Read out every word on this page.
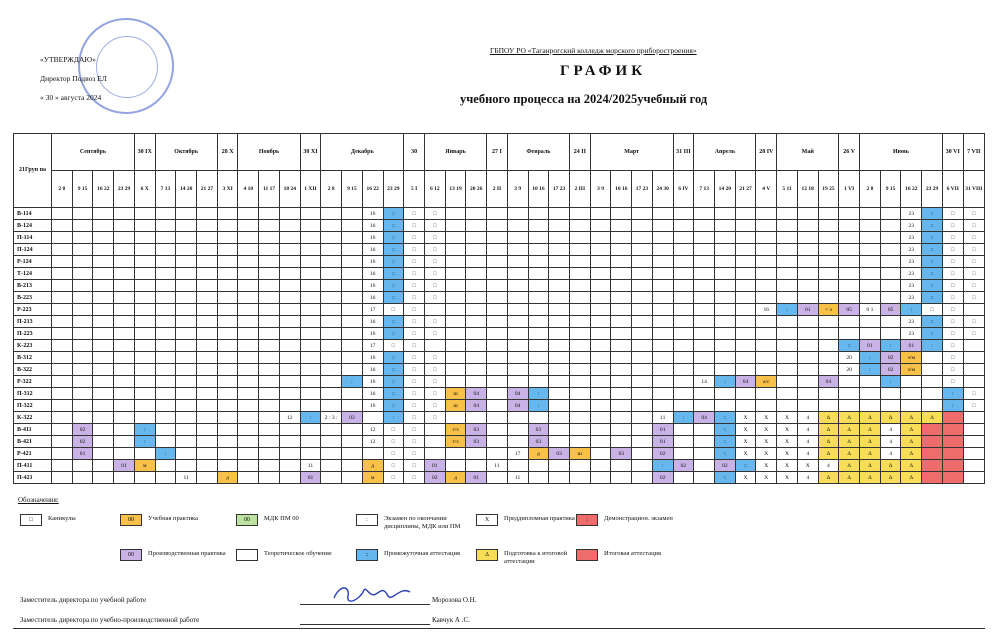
«УТВЕРЖДАЮ»
Директор Подвоз ЕЛ
« 30 » августа 2024
ГБПОУ РО «Таганрогский колледж морского приборостроения»
ГРАФИК
учебного процесса на 2024/2025учебный год
21Груп па	Сентябрь				30 IX	Октябрь			28 X	Ноябрь			30 XI	Декабрь				30	Январь			27 I	Февраль			24 II	Март				31 III	Апрель			28 IV	Май			26 V	Июнь				30 VI	7 VII
	2 8	9 15	16 22	23 29	6 X	7 13	14 20	21 27	3 XI	4 10	11 17	18 24	1 XII	2 8	9 15	16 22	23 29	5 I	6 12	13 19	20 26	2 II	3 9	10 16	17 23	2 III	3 9	10 16	17 23	24 30	6 IV	7 13	14 20	21 27	4 V	5 11	12 18	19 25	1 VI	2 8	9 15	16 22	23 29	6 VII	31 VIII
В-114																16	::	□	□																							23	::	□	□
В-124																16	::	□	□																							23	::	□	□
П-114																16	::	□	□																							23	::	□	□
П-124																16	::	□	□																							23	::	□	□
Р-124																16	::	□	□																							23	::	□	□
Т-124																16	::	□	□																							23	::	□	□
В-213																16	::	□	□																							23	::	□	□
В-223																16	::	□	□																							23	::	□	□
Р-223																17	□	□																	16	:	01	< э	05	0 1	05	:	□	□	
П-213																16	::	□	□																							23	::	□	□
П-223																16	::	□	□																							23	::	□	□
К-223																17	□	□																					::	01	:	01	:	□	
В-312																16	::	□	□																				20	:	02	э/м		□	
В-322																16	::	□	□																				20	:	02	э/м		□	
Р-322															:	16	::	□	□													14	:	04	а/с			04			:			□	
П-312																16	::	□	□	ш	04		04	:																				:	□
П-322																16	::	□	□	ш	04		04	:																				:	□
К-322												12	:	2 : 3 :	03		:	□	□											11	:	04	::	Х	Х	Х	4	Δ	Δ	Δ	Δ	Δ	Δ		
В-411		02			:											12	□	□		г/з	03			03						01			::	Х	Х	Х	4	Δ	Δ	Δ	4	Δ			
В-421		02			:											12	□	□		г/з	03			03						01			::	Х	Х	Х	4	Δ	Δ	Δ	4	Δ			
Р-421		01				:											□	□					17	д	03	ш		03		02			::	Х	Х	Х	4	Δ	Δ	Δ	4	Δ			
П-411				01	м								11			д	□	□	01			11								:	02		02	::	Х	Х	Х	4	Δ	Δ	Δ	Δ			
П-421							11		д				01			м	□	□	02	д	01		11							02			::	Х	Х	Х	4	Δ	Δ	Δ	Δ	Δ			
Обозначения:
□	Каникулы	00	Учебная практика	00	МДК ПМ 00	:	Экзамен по окончании дисциплины, МДК или ПМ
Х	Преддипломная практика	:	Демонстрацион. экзамен
00	Производственная практика	Теоретическое обучение	::	Промежуточная аттестация	Δ	Подготовка к итоговой аттестации
Итоговая аттестация
Заместитель директора по учебной работе	Морозова О.Н.
Заместитель директора по учебно-производственной работе	Кавчук А .С.
